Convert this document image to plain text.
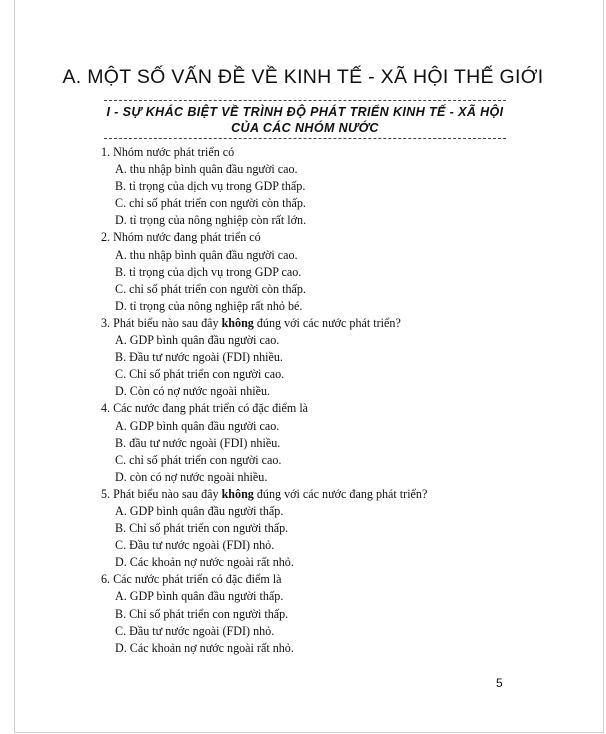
A. MỘT SỐ VẤN ĐỀ VỀ KINH TẾ - XÃ HỘI THẾ GIỚI
I - SỰ KHÁC BIỆT VỀ TRÌNH ĐỘ PHÁT TRIỂN KINH TẾ - XÃ HỘI
CỦA CÁC NHÓM NƯỚC
1. Nhóm nước phát triển có
A. thu nhập bình quân đầu người cao.
B. tỉ trọng của dịch vụ trong GDP thấp.
C. chỉ số phát triển con người còn thấp.
D. tỉ trọng của nông nghiệp còn rất lớn.
2. Nhóm nước đang phát triển có
A. thu nhập bình quân đầu người cao.
B. tỉ trọng của dịch vụ trong GDP cao.
C. chỉ số phát triển con người còn thấp.
D. tỉ trọng của nông nghiệp rất nhỏ bé.
3. Phát biểu nào sau đây không đúng với các nước phát triển?
A. GDP bình quân đầu người cao.
B. Đầu tư nước ngoài (FDI) nhiều.
C. Chỉ số phát triển con người cao.
D. Còn có nợ nước ngoài nhiều.
4. Các nước đang phát triển có đặc điểm là
A. GDP bình quân đầu người cao.
B. đầu tư nước ngoài (FDI) nhiều.
C. chỉ số phát triển con người cao.
D. còn có nợ nước ngoài nhiều.
5. Phát biểu nào sau đây không đúng với các nước đang phát triển?
A. GDP bình quân đầu người thấp.
B. Chỉ số phát triển con người thấp.
C. Đầu tư nước ngoài (FDI) nhỏ.
D. Các khoản nợ nước ngoài rất nhỏ.
6. Các nước phát triển có đặc điểm là
A. GDP bình quân đầu người thấp.
B. Chỉ số phát triển con người thấp.
C. Đầu tư nước ngoài (FDI) nhỏ.
D. Các khoản nợ nước ngoài rất nhỏ.
5
